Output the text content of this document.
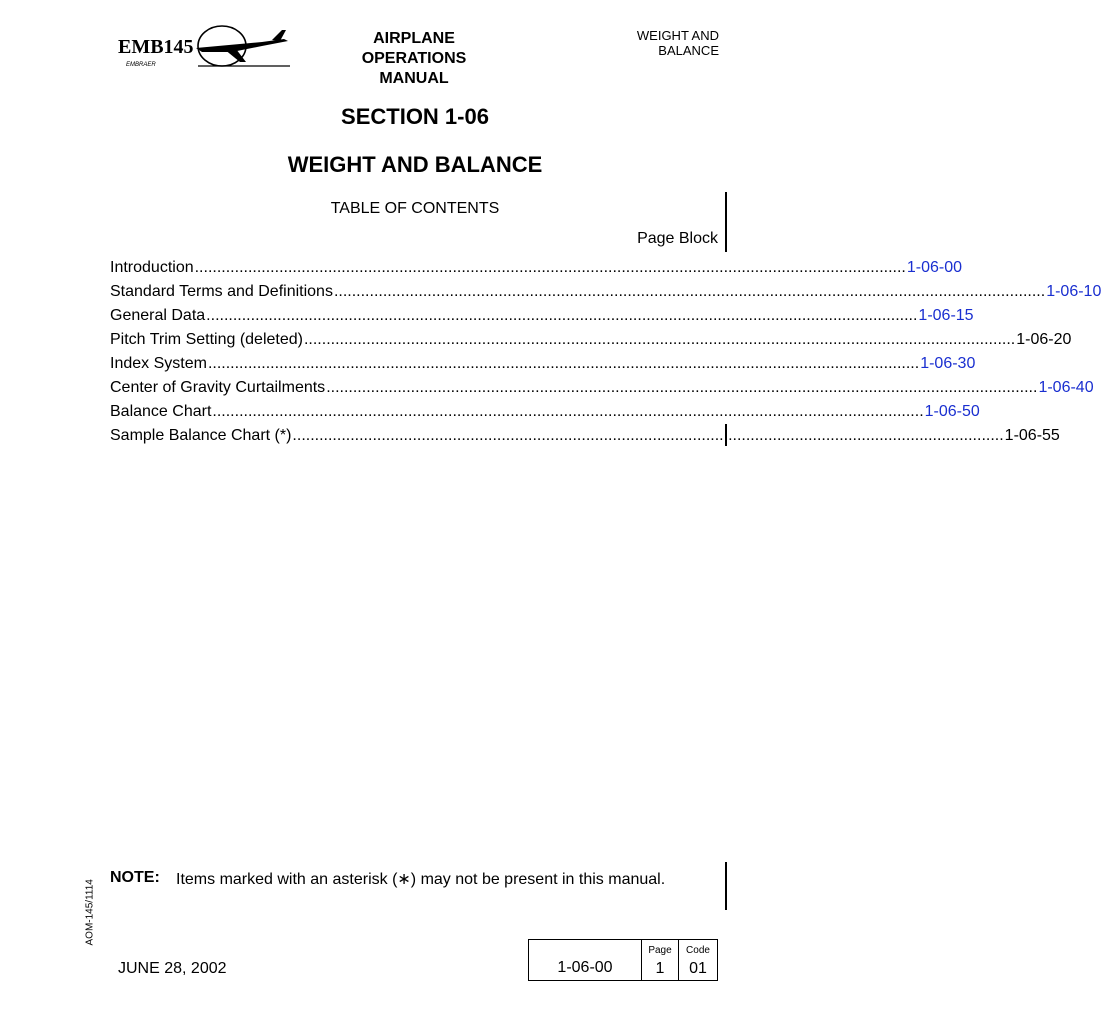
EMB145
EMBRAER
AIRPLANE
OPERATIONS
MANUAL
WEIGHT AND
BALANCE
SECTION 1-06
WEIGHT AND BALANCE
TABLE OF CONTENTS
Page Block
Introduction ................................................................................................................................................................ 1-06-00
Standard Terms and Definitions ................................................................................................................................................................ 1-06-10
General Data ................................................................................................................................................................ 1-06-15
Pitch Trim Setting (deleted) ................................................................................................................................................................ 1-06-20
Index System ................................................................................................................................................................ 1-06-30
Center of Gravity Curtailments ................................................................................................................................................................ 1-06-40
Balance Chart ................................................................................................................................................................ 1-06-50
Sample Balance Chart (*) ................................................................................................................................................................ 1-06-55
NOTE: Items marked with an asterisk (∗) may not be present in this manual.
AOM-145/1114
JUNE 28, 2002	1-06-00
Page
1
Code
01
